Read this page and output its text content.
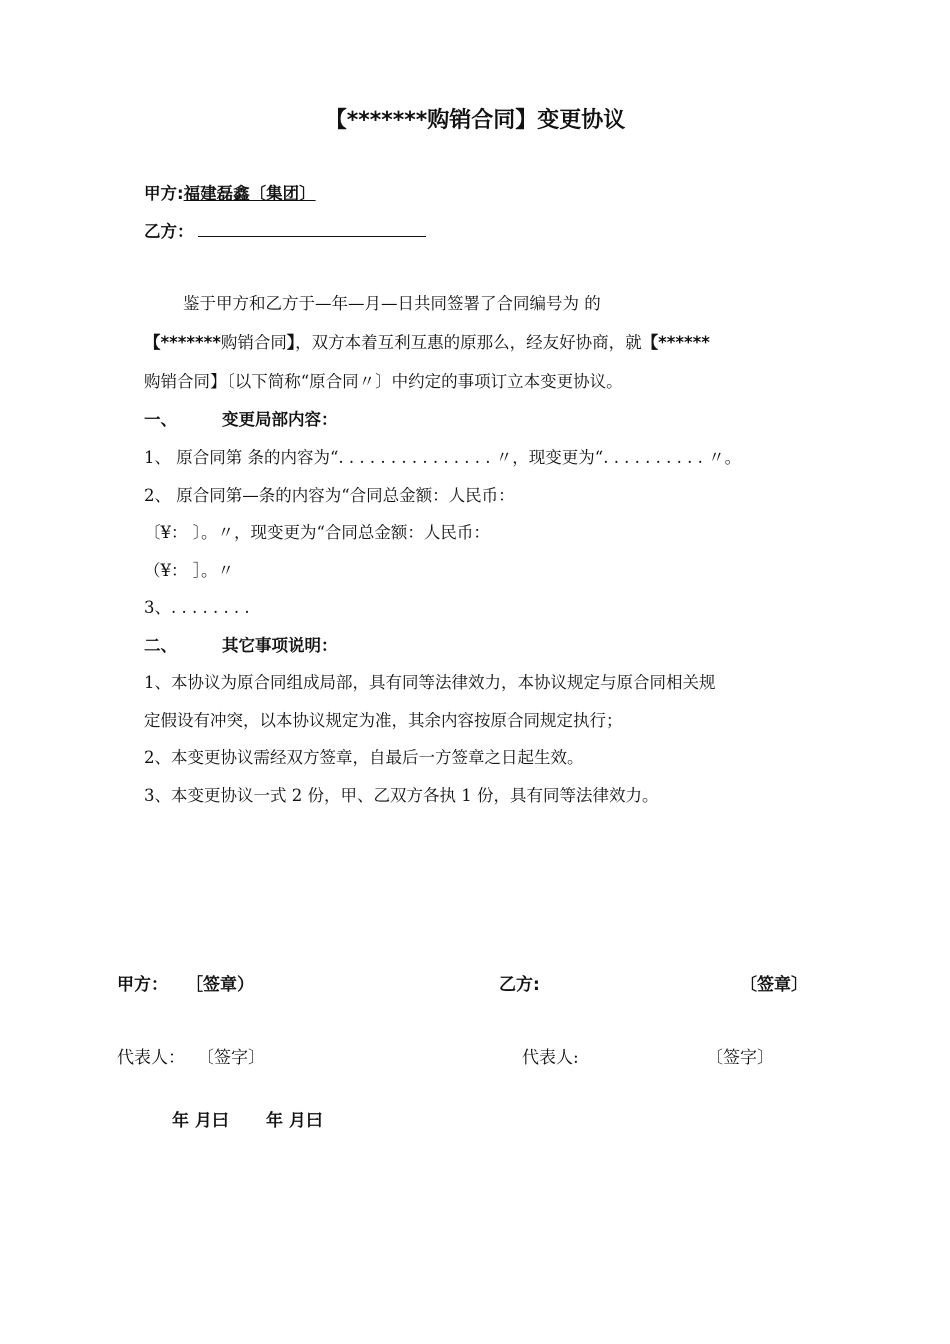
【*******购销合同】变更协议
甲方:福建磊鑫〔集团〕
乙方：
鉴于甲方和乙方于—年—月—日共同签署了合同编号为 的
【*******购销合同】，双方本着互利互惠的原那么，经友好协商，就【******
购销合同】〔以下简称“原合同〃〕中约定的事项订立本变更协议。
一、	变更局部内容：
1、 原合同第 条的内容为“. . . . . . . . . . . . . . . 〃，现变更为“. . . . . . . . . . 〃。
2、 原合同第—条的内容为“合同总金额：人民币：
〔¥： 〕。〃，现变更为“合同总金额：人民币：
（¥： ］。〃
3、. . . . . . . .
二、	其它事项说明：
1、本协议为原合同组成局部，具有同等法律效力，本协议规定与原合同相关规
定假设有冲突，以本协议规定为准，其余内容按原合同规定执行；
2、本变更协议需经双方签章，自最后一方签章之日起生效。
3、本变更协议一式 2 份，甲、乙双方各执 1 份，具有同等法律效力。
甲方： ［签章）	乙方:	〔签章〕
代表人： 〔签字〕	代表人:	〔签字〕
年 月曰 年 月曰
